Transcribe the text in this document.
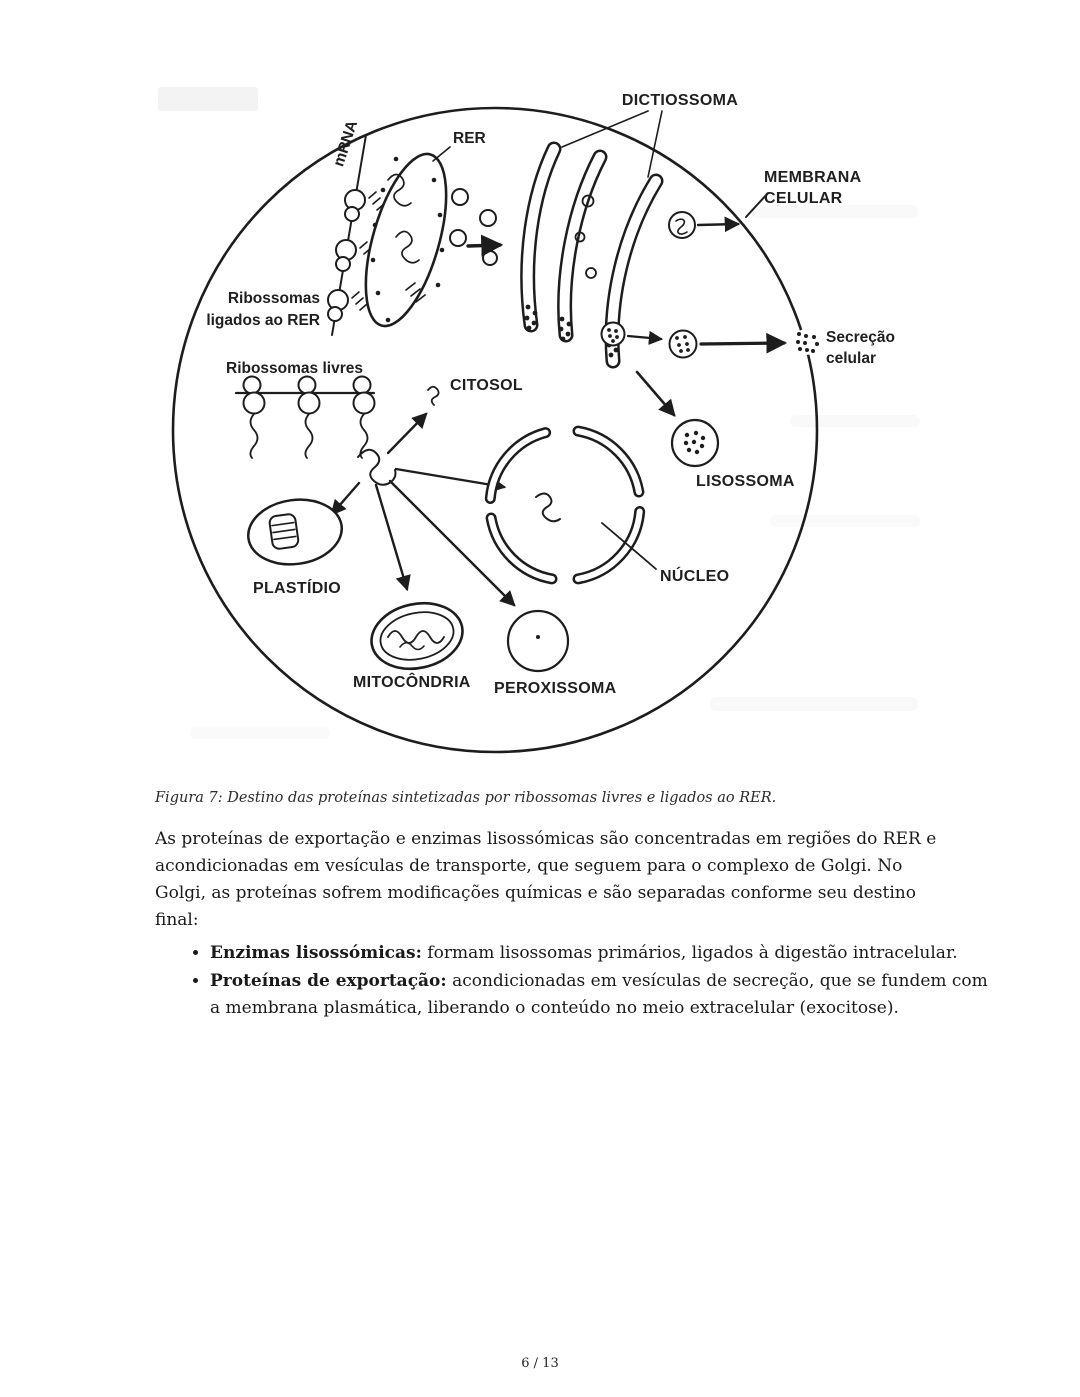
mRNA	RER
DICTIOSSOMA
MEMBRANA
CELULAR
Secreção
celular
LISOSSOMA
Ribossomas
ligados ao RER
Ribossomas livres
CITOSOL
NÚCLEO
PLASTÍDIO
MITOCÔNDRIA PEROXISSOMA

Figura 7: Destino das proteínas sintetizadas por ribossomas livres e ligados ao RER.

As proteínas de exportação e enzimas lisossómicas são concentradas em regiões do RER e acondicionadas em vesículas de transporte, que seguem para o complexo de Golgi. No Golgi, as proteínas sofrem modificações químicas e são separadas conforme seu destino final:

• Enzimas lisossómicas: formam lisossomas primários, ligados à digestão intracelular.
• Proteínas de exportação: acondicionadas em vesículas de secreção, que se fundem com a membrana plasmática, liberando o conteúdo no meio extracelular (exocitose).
6 / 13
